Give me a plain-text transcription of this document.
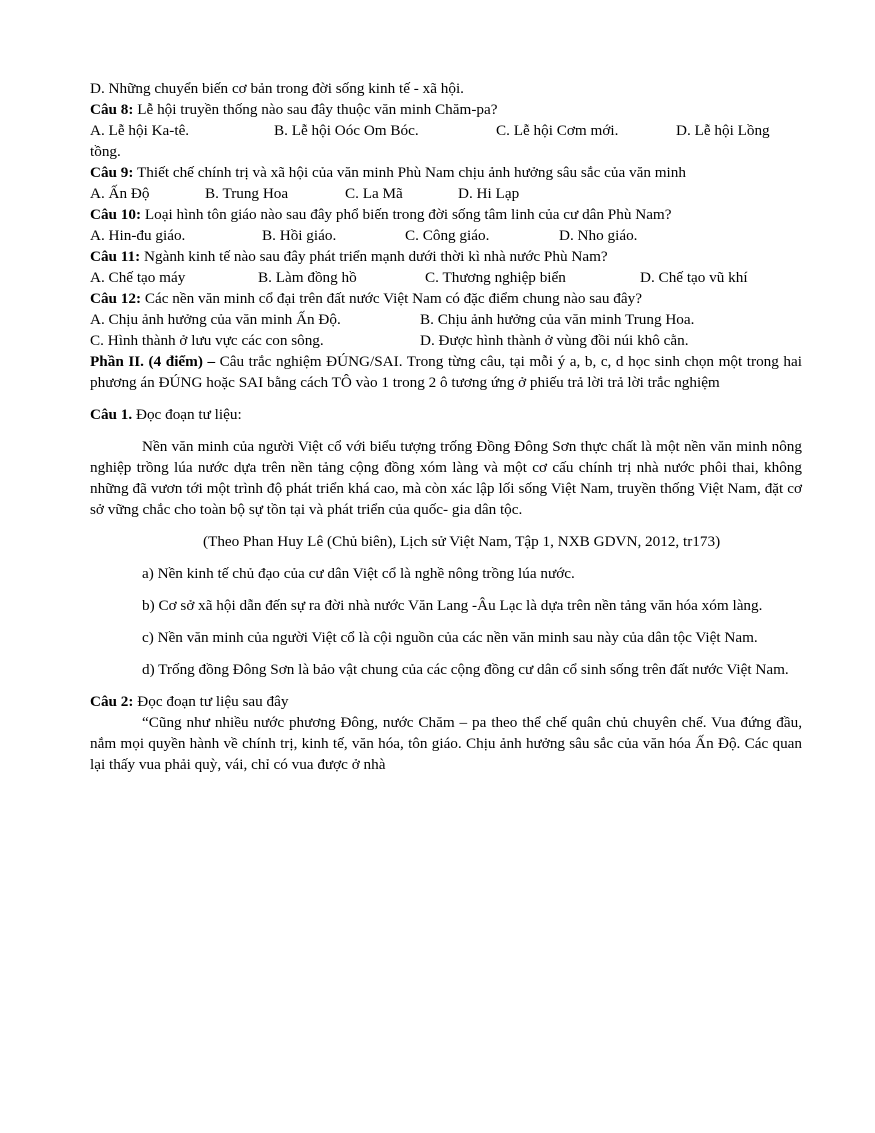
D. Những chuyển biến cơ bản trong đời sống kinh tế - xã hội.

Câu 8: Lễ hội truyền thống nào sau đây thuộc văn minh Chăm-pa?

A. Lễ hội Ka-tê.	B. Lễ hội Oóc Om Bóc.	C. Lễ hội Cơm mới.	D. Lễ hội Lồng

tồng.

Câu 9: Thiết chế chính trị và xã hội của văn minh Phù Nam chịu ảnh hưởng sâu sắc của văn minh

A. Ấn Độ	B. Trung Hoa	C. La Mã	D. Hi Lạp

Câu 10: Loại hình tôn giáo nào sau đây phổ biến trong đời sống tâm linh của cư dân Phù Nam?

A. Hin-đu giáo.	B. Hồi giáo.	C. Công giáo.	D. Nho giáo.

Câu 11: Ngành kinh tế nào sau đây phát triển mạnh dưới thời kì nhà nước Phù Nam?

A. Chế tạo máy	B. Làm đồng hồ	C. Thương nghiệp biển	D. Chế tạo vũ khí

Câu 12: Các nền văn minh cổ đại trên đất nước Việt Nam có đặc điểm chung nào sau đây?

A. Chịu ảnh hưởng của văn minh Ấn Độ.	B. Chịu ảnh hưởng của văn minh Trung Hoa.
C. Hình thành ở lưu vực các con sông.	D. Được hình thành ở vùng đồi núi khô cằn.

Phần II. (4 điểm) – Câu trắc nghiệm ĐÚNG/SAI. Trong từng câu, tại mỗi ý a, b, c, d học sinh chọn một trong hai phương án ĐÚNG hoặc SAI bằng cách TÔ vào 1 trong 2 ô tương ứng ở phiếu trả lời trả lời trắc nghiệm

Câu 1. Đọc đoạn tư liệu:

Nền văn minh của người Việt cổ với biểu tượng trống Đồng Đông Sơn thực chất là một nền văn minh nông nghiệp trồng lúa nước dựa trên nền tảng cộng đồng xóm làng và một cơ cấu chính trị nhà nước phôi thai, không những đã vươn tới một trình độ phát triển khá cao, mà còn xác lập lối sống Việt Nam, truyền thống Việt Nam, đặt cơ sở vững chắc cho toàn bộ sự tồn tại và phát triển của quốc- gia dân tộc.

(Theo Phan Huy Lê (Chủ biên), Lịch sử Việt Nam, Tập 1, NXB GDVN, 2012, tr173)

a) Nền kinh tế chủ đạo của cư dân Việt cổ là nghề nông trồng lúa nước.

b) Cơ sở xã hội dẫn đến sự ra đời nhà nước Văn Lang -Âu Lạc là dựa trên nền tảng văn hóa xóm làng.

c) Nền văn minh của người Việt cổ là cội nguồn của các nền văn minh sau này của dân tộc Việt Nam.

d) Trống đồng Đông Sơn là bảo vật chung của các cộng đồng cư dân cổ sinh sống trên đất nước Việt Nam.

Câu 2: Đọc đoạn tư liệu sau đây

“Cũng như nhiều nước phương Đông, nước Chăm – pa theo thể chế quân chủ chuyên chế. Vua đứng đầu, nắm mọi quyền hành về chính trị, kinh tế, văn hóa, tôn giáo. Chịu ảnh hưởng sâu sắc của văn hóa Ấn Độ. Các quan lại thấy vua phải quỳ, vái, chỉ có vua được ở nhà
